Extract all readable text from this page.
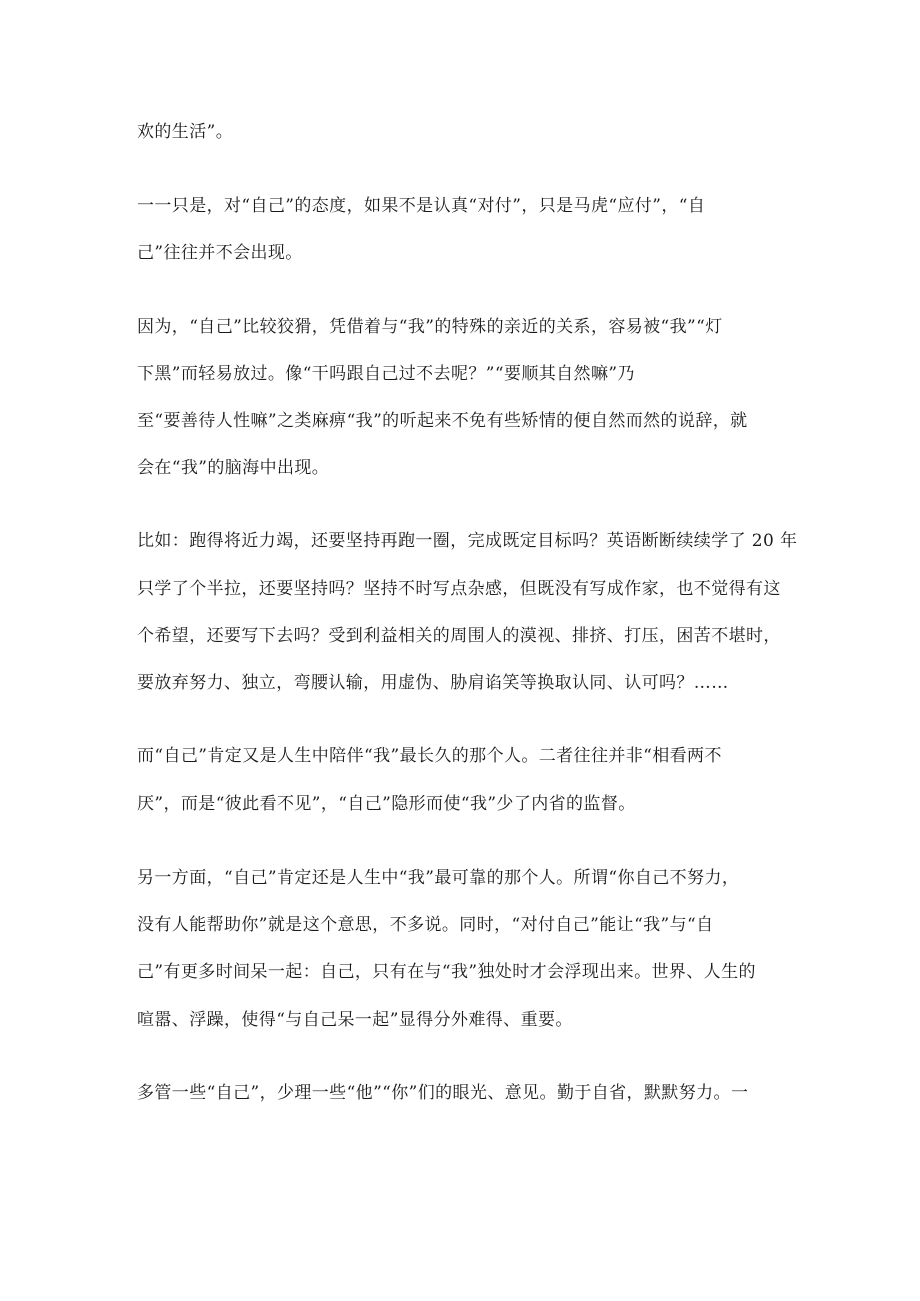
欢的生活”。
一一只是，对“自己”的态度，如果不是认真“对付”，只是马虎“应付”，“自
己”往往并不会出现。
因为，“自己”比较狡猾，凭借着与“我”的特殊的亲近的关系，容易被“我”“灯
下黑”而轻易放过。像“干吗跟自己过不去呢？”“要顺其自然嘛”乃
至“要善待人性嘛”之类麻痹“我”的听起来不免有些矫情的便自然而然的说辞，就
会在“我”的脑海中出现。
比如：跑得将近力竭，还要坚持再跑一圈，完成既定目标吗？英语断断续续学了 20 年
只学了个半拉，还要坚持吗？坚持不时写点杂感，但既没有写成作家，也不觉得有这
个希望，还要写下去吗？受到利益相关的周围人的漠视、排挤、打压，困苦不堪时，
要放弃努力、独立，弯腰认输，用虚伪、胁肩谄笑等换取认同、认可吗？……
而“自己”肯定又是人生中陪伴“我”最长久的那个人。二者往往并非“相看两不
厌”，而是“彼此看不见”，“自己”隐形而使“我”少了内省的监督。
另一方面，“自己”肯定还是人生中“我”最可靠的那个人。所谓“你自己不努力，
没有人能帮助你”就是这个意思，不多说。同时，“对付自己”能让“我”与“自
己”有更多时间呆一起：自己，只有在与“我”独处时才会浮现出来。世界、人生的
喧嚣、浮躁，使得“与自己呆一起”显得分外难得、重要。
多管一些“自己”，少理一些“他”“你”们的眼光、意见。勤于自省，默默努力。一
